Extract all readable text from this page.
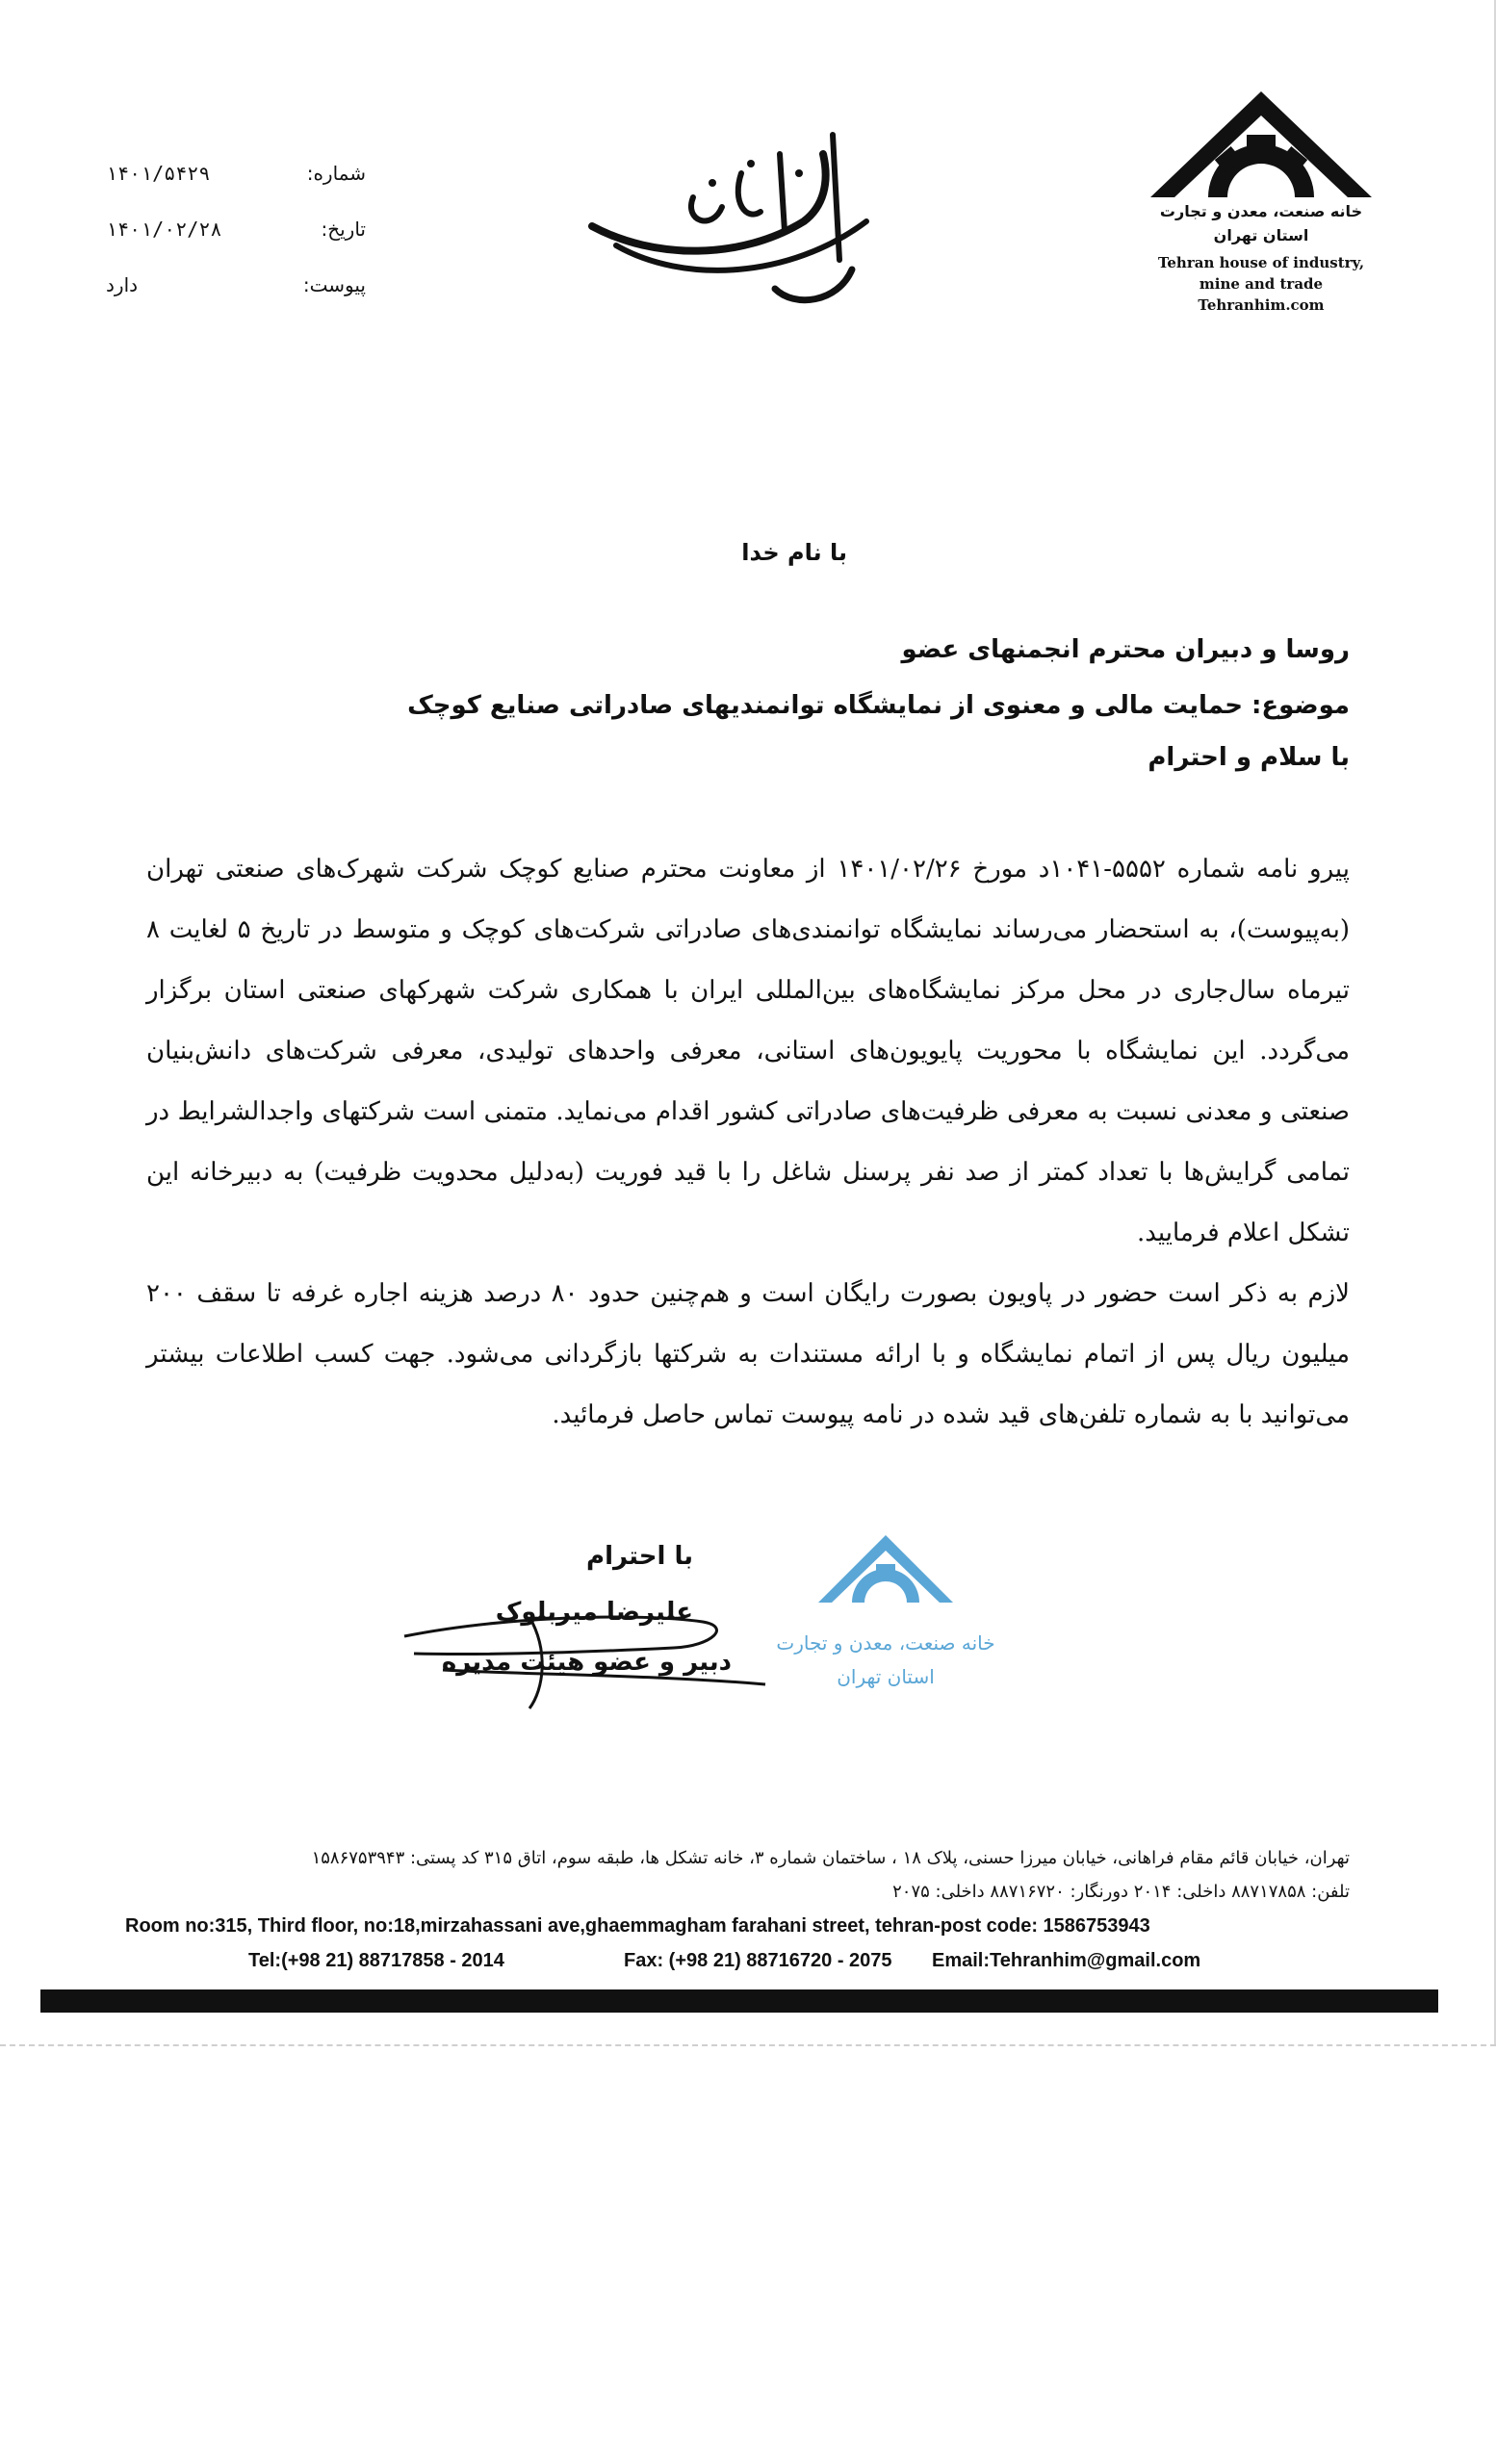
خانه صنعت، معدن و تجارت
استان تهران
Tehran house of industry,
mine and trade
Tehranhim.com
شماره:
۱۴۰۱/۵۴۲۹
تاریخ:
۱۴۰۱/۰۲/۲۸
پیوست:
دارد
با نام خدا
روسا و دبیران محترم انجمنهای عضو
موضوع: حمایت مالی و معنوی از نمایشگاه توانمندیهای صادراتی صنایع کوچک
با سلام و احترام

پیرو نامه شماره ۵۵۵۲-۱۰۴۱د مورخ ۱۴۰۱/۰۲/۲۶ از معاونت محترم صنایع کوچک شرکت شهرک‌های صنعتی تهران (به‌پیوست)، به استحضار می‌رساند نمایشگاه توانمندی‌های صادراتی شرکت‌های کوچک و متوسط در تاریخ ۵ لغایت ۸ تیرماه سال‌جاری در محل مرکز نمایشگاه‌های بین‌المللی ایران با همکاری شرکت شهرکهای صنعتی استان برگزار می‌گردد. این نمایشگاه با محوریت پایویون‌های استانی، معرفی واحدهای تولیدی، معرفی شرکت‌های دانش‌بنیان صنعتی و معدنی نسبت به معرفی ظرفیت‌های صادراتی کشور اقدام می‌نماید. متمنی است شرکتهای واجدالشرایط در تمامی گرایش‌ها با تعداد کمتر از صد نفر پرسنل شاغل را با قید فوریت (به‌دلیل محدویت ظرفیت) به دبیرخانه این تشکل اعلام فرمایید.

لازم به ذکر است حضور در پاویون بصورت رایگان است و هم‌چنین حدود ۸۰ درصد هزینه اجاره غرفه تا سقف ۲۰۰ میلیون ریال پس از اتمام نمایشگاه و با ارائه مستندات به شرکتها بازگردانی می‌شود. جهت کسب اطلاعات بیشتر می‌توانید با به شماره تلفن‌های قید شده در نامه پیوست تماس حاصل فرمائید.

با احترام
علیرضا میربلوک
دبیر و عضو هیئت مدیره
خانه صنعت، معدن و تجارت
استان تهران
تهران، خیابان قائم مقام فراهانی، خیابان میرزا حسنی، پلاک ۱۸ ، ساختمان شماره ۳، خانه تشکل ها، طبقه سوم، اتاق ۳۱۵ کد پستی: ۱۵۸۶۷۵۳۹۴۳
تلفن: ۸۸۷۱۷۸۵۸ داخلی: ۲۰۱۴ دورنگار: ۸۸۷۱۶۷۲۰ داخلی: ۲۰۷۵
Room no:315, Third floor, no:18,mirzahassani ave,ghaemmagham farahani street, tehran-post code: 1586753943
Tel:(+98 21) 88717858 - 2014	Fax: (+98 21) 88716720 - 2075	Email:Tehranhim@gmail.com
